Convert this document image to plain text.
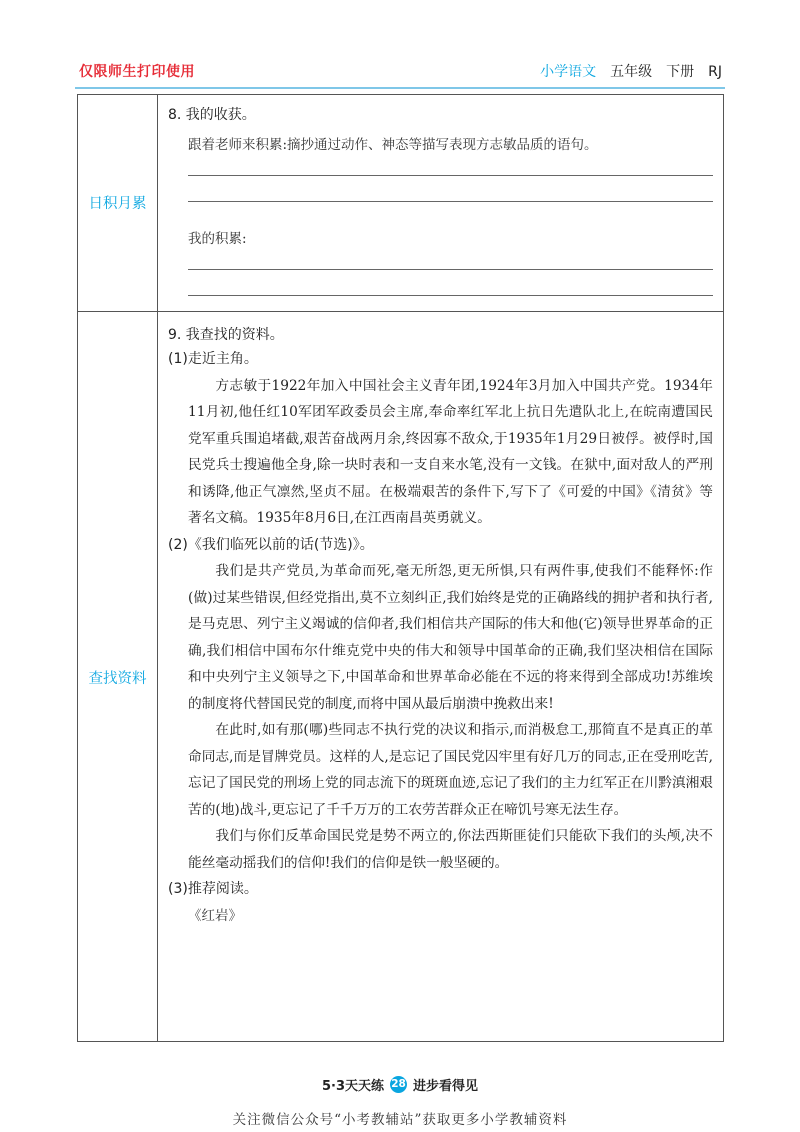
仅限师生打印使用	小学语文 五年级 下册 RJ
日积月累
查找资料
8. 我的收获。
跟着老师来积累:摘抄通过动作、神态等描写表现方志敏品质的语句。
我的积累:
9. 我查找的资料。
(1)走近主角。
方志敏于1922年加入中国社会主义青年团,1924年3月加入中国共产党。1934年11月初,他任红10军团军政委员会主席,奉命率红军北上抗日先遣队北上,在皖南遭国民党军重兵围追堵截,艰苦奋战两月余,终因寡不敌众,于1935年1月29日被俘。被俘时,国民党兵士搜遍他全身,除一块时表和一支自来水笔,没有一文钱。在狱中,面对敌人的严刑和诱降,他正气凛然,坚贞不屈。在极端艰苦的条件下,写下了《可爱的中国》《清贫》等著名文稿。1935年8月6日,在江西南昌英勇就义。
(2)《我们临死以前的话(节选)》。
我们是共产党员,为革命而死,毫无所怨,更无所惧,只有两件事,使我们不能释怀:作(做)过某些错误,但经党指出,莫不立刻纠正,我们始终是党的正确路线的拥护者和执行者,是马克思、列宁主义竭诚的信仰者,我们相信共产国际的伟大和他(它)领导世界革命的正确,我们相信中国布尔什维克党中央的伟大和领导中国革命的正确,我们坚决相信在国际和中央列宁主义领导之下,中国革命和世界革命必能在不远的将来得到全部成功!苏维埃的制度将代替国民党的制度,而将中国从最后崩溃中挽救出来!
在此时,如有那(哪)些同志不执行党的决议和指示,而消极怠工,那简直不是真正的革命同志,而是冒牌党员。这样的人,是忘记了国民党囚牢里有好几万的同志,正在受刑吃苦,忘记了国民党的刑场上党的同志流下的斑斑血迹,忘记了我们的主力红军正在川黔滇湘艰苦的(地)战斗,更忘记了千千万万的工农劳苦群众正在啼饥号寒无法生存。
我们与你们反革命国民党是势不两立的,你法西斯匪徒们只能砍下我们的头颅,决不能丝毫动摇我们的信仰!我们的信仰是铁一般坚硬的。
(3)推荐阅读。
《红岩》
5·3天天练 28 进步看得见
关注微信公众号“小考教辅站”获取更多小学教辅资料
